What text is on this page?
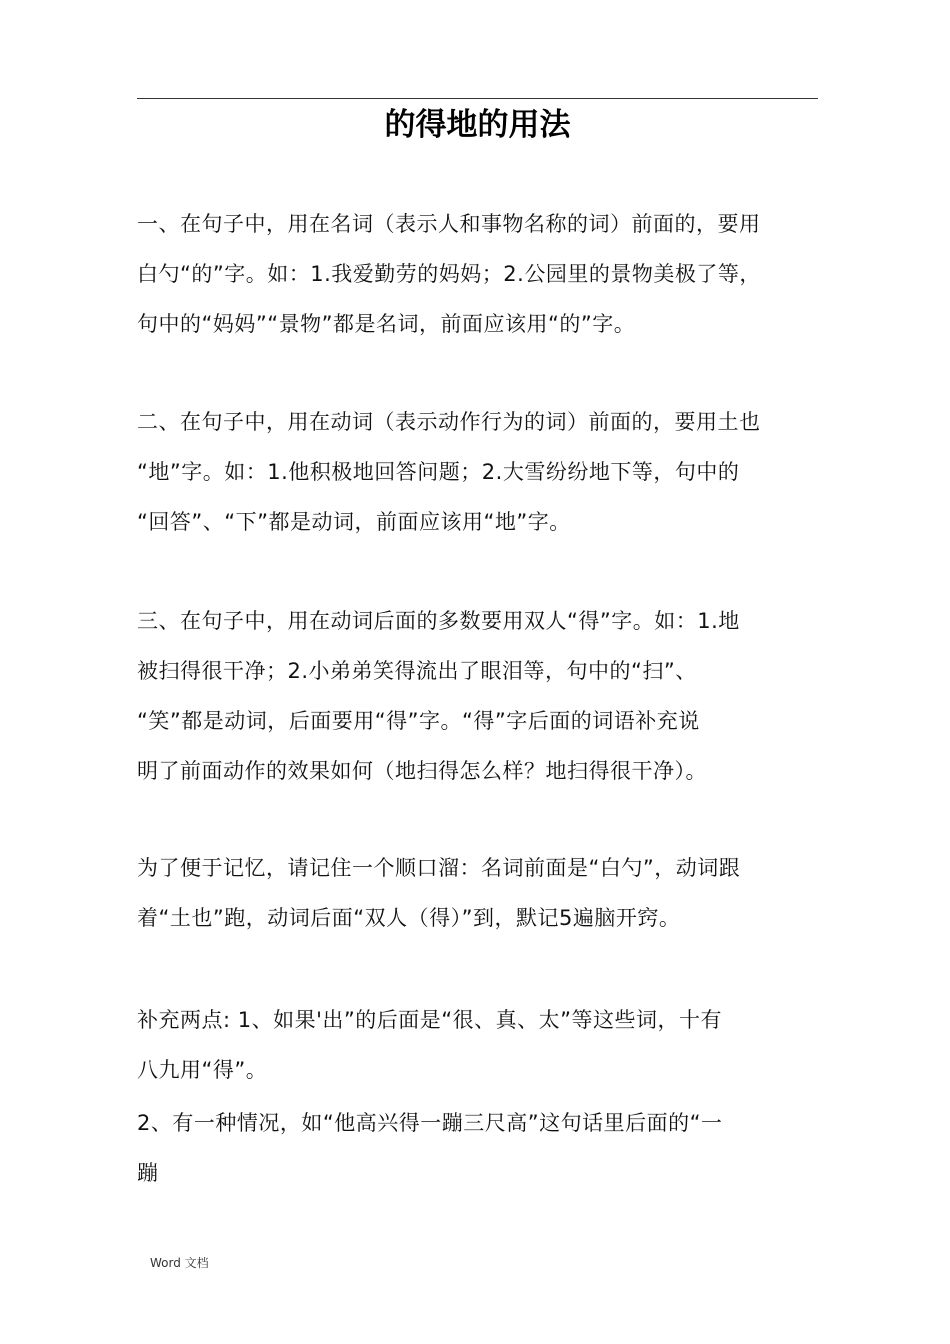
的得地的用法
一、在句子中，用在名词（表示人和事物名称的词）前面的，要用
白勺“的”字。如：1.我爱勤劳的妈妈；2.公园里的景物美极了等，
句中的“妈妈”“景物”都是名词，前面应该用“的”字。
二、在句子中，用在动词（表示动作行为的词）前面的，要用土也
“地”字。如：1.他积极地回答问题；2.大雪纷纷地下等，句中的
“回答”、“下”都是动词，前面应该用“地”字。
三、在句子中，用在动词后面的多数要用双人“得”字。如：1.地
被扫得很干净；2.小弟弟笑得流出了眼泪等，句中的“扫”、
“笑”都是动词，后面要用“得”字。“得”字后面的词语补充说
明了前面动作的效果如何（地扫得怎么样？地扫得很干净）。
为了便于记忆，请记住一个顺口溜：名词前面是“白勺”，动词跟
着“土也”跑，动词后面“双人（得）”到，默记5遍脑开窍。
补充两点: 1、如果'出”的后面是“很、真、太”等这些词，十有
八九用“得”。
2、有一种情况，如“他高兴得一蹦三尺高”这句话里后面的“一
蹦
Word 文档
